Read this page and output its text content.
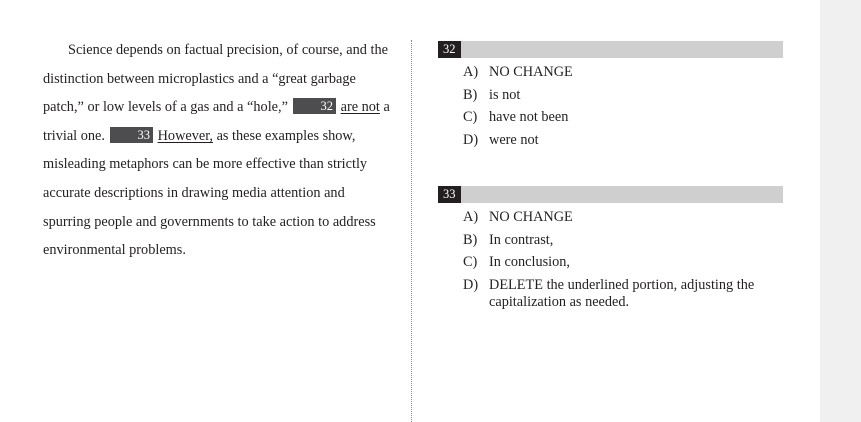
Science depends on factual precision, of course, and the distinction between microplastics and a “great garbage patch,” or low levels of a gas and a “hole,”	32 are not a trivial one.	33 However, as these examples show, misleading metaphors can be more effective than strictly accurate descriptions in drawing media attention and spurring people and governments to take action to address environmental problems.

32
A) NO CHANGE
B) is not
C) have not been
D) were not
33
A) NO CHANGE
B) In contrast,
C) In conclusion,
D) DELETE the underlined portion, adjusting the
capitalization as needed.
